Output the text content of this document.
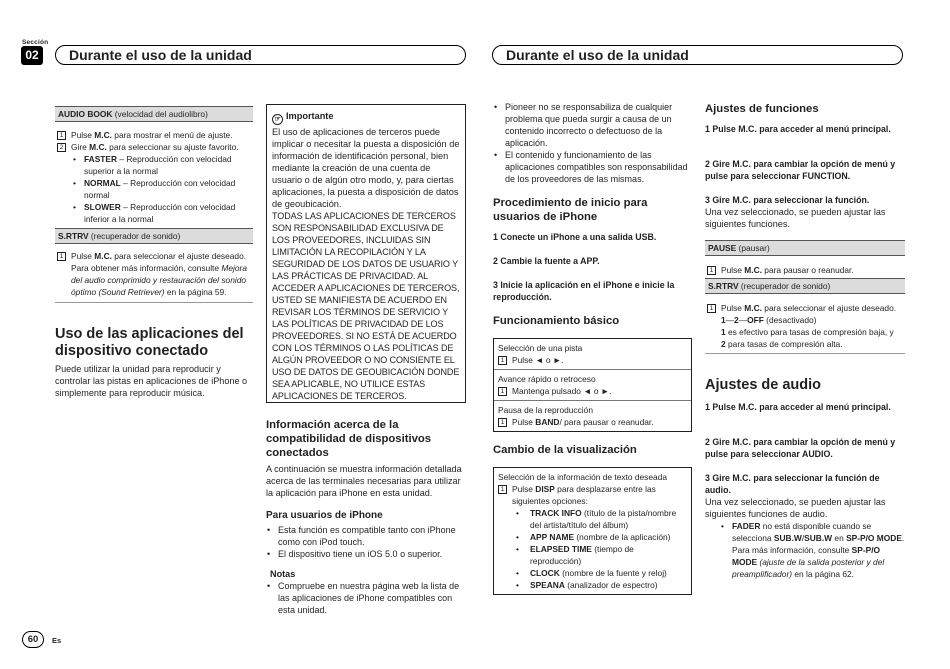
Sección
02	Durante el uso de la unidad	Durante el uso de la unidad
AUDIO BOOK (velocidad del audiolibro)
1 Pulse M.C. para mostrar el menú de ajuste.
2 Gire M.C. para seleccionar su ajuste favorito.
• FASTER – Reproducción con velocidad superior a la normal
• NORMAL – Reproducción con velocidad normal
• SLOWER – Reproducción con velocidad inferior a la normal
S.RTRV (recuperador de sonido)
1 Pulse M.C. para seleccionar el ajuste deseado. Para obtener más información, consulte Mejora del audio comprimido y restauración del sonido óptimo (Sound Retriever) en la página 59.
Uso de las aplicaciones del dispositivo conectado
Puede utilizar la unidad para reproducir y controlar las pistas en aplicaciones de iPhone o simplemente para reproducir música.
☞ Importante
El uso de aplicaciones de terceros puede implicar o necesitar la puesta a disposición de información de identificación personal, bien mediante la creación de una cuenta de usuario o de algún otro modo, y, para ciertas aplicaciones, la puesta a disposición de datos de geoubicación.
TODAS LAS APLICACIONES DE TERCEROS SON RESPONSABILIDAD EXCLUSIVA DE LOS PROVEEDORES, INCLUIDAS SIN LIMITACIÓN LA RECOPILACIÓN Y LA SEGURIDAD DE LOS DATOS DE USUARIO Y LAS PRÁCTICAS DE PRIVACIDAD. AL ACCEDER A APLICACIONES DE TERCEROS, USTED SE MANIFIESTA DE ACUERDO EN REVISAR LOS TÉRMINOS DE SERVICIO Y LAS POLÍTICAS DE PRIVACIDAD DE LOS PROVEEDORES. SI NO ESTÁ DE ACUERDO CON LOS TÉRMINOS O LAS POLÍTICAS DE ALGÚN PROVEEDOR O NO CONSIENTE EL USO DE DATOS DE GEOUBICACIÓN DONDE SEA APLICABLE, NO UTILICE ESTAS APLICACIONES DE TERCEROS.
Información acerca de la compatibilidad de dispositivos conectados
A continuación se muestra información detallada acerca de las terminales necesarias para utilizar la aplicación para iPhone en esta unidad.
Para usuarios de iPhone
• Esta función es compatible tanto con iPhone como con iPod touch.
• El dispositivo tiene un iOS 5.0 o superior.
Notas
• Compruebe en nuestra página web la lista de las aplicaciones de iPhone compatibles con esta unidad.
• Pioneer no se responsabiliza de cualquier problema que pueda surgir a causa de un contenido incorrecto o defectuoso de la aplicación.
• El contenido y funcionamiento de las aplicaciones compatibles son responsabilidad de los proveedores de las mismas.
Procedimiento de inicio para usuarios de iPhone
1 Conecte un iPhone a una salida USB.
2 Cambie la fuente a APP.
3 Inicie la aplicación en el iPhone e inicie la reproducción.
Funcionamiento básico
Selección de una pista
1 Pulse ◄ o ►.
Avance rápido o retroceso
1 Mantenga pulsado ◄ o ►.
Pausa de la reproducción
1 Pulse BAND/ para pausar o reanudar.
Cambio de la visualización
Selección de la información de texto deseada
1 Pulse DISP para desplazarse entre las siguientes opciones:
• TRACK INFO (título de la pista/nombre del artista/título del álbum)
• APP NAME (nombre de la aplicación)
• ELAPSED TIME (tiempo de reproducción)
• CLOCK (nombre de la fuente y reloj)
• SPEANA (analizador de espectro)
Ajustes de funciones
1 Pulse M.C. para acceder al menú principal.
2 Gire M.C. para cambiar la opción de menú y pulse para seleccionar FUNCTION.
3 Gire M.C. para seleccionar la función.
Una vez seleccionado, se pueden ajustar las siguientes funciones.
PAUSE (pausar)
1 Pulse M.C. para pausar o reanudar.
S.RTRV (recuperador de sonido)
1 Pulse M.C. para seleccionar el ajuste deseado.
1—2—OFF (desactivado)
1 es efectivo para tasas de compresión baja, y
2 para tasas de compresión alta.
Ajustes de audio
1 Pulse M.C. para acceder al menú principal.
2 Gire M.C. para cambiar la opción de menú y pulse para seleccionar AUDIO.
3 Gire M.C. para seleccionar la función de audio.
Una vez seleccionado, se pueden ajustar las siguientes funciones de audio.
• FADER no está disponible cuando se selecciona SUB.W/SUB.W en SP-P/O MODE. Para más información, consulte SP-P/O MODE (ajuste de la salida posterior y del preamplificador) en la página 62.
60	Es
